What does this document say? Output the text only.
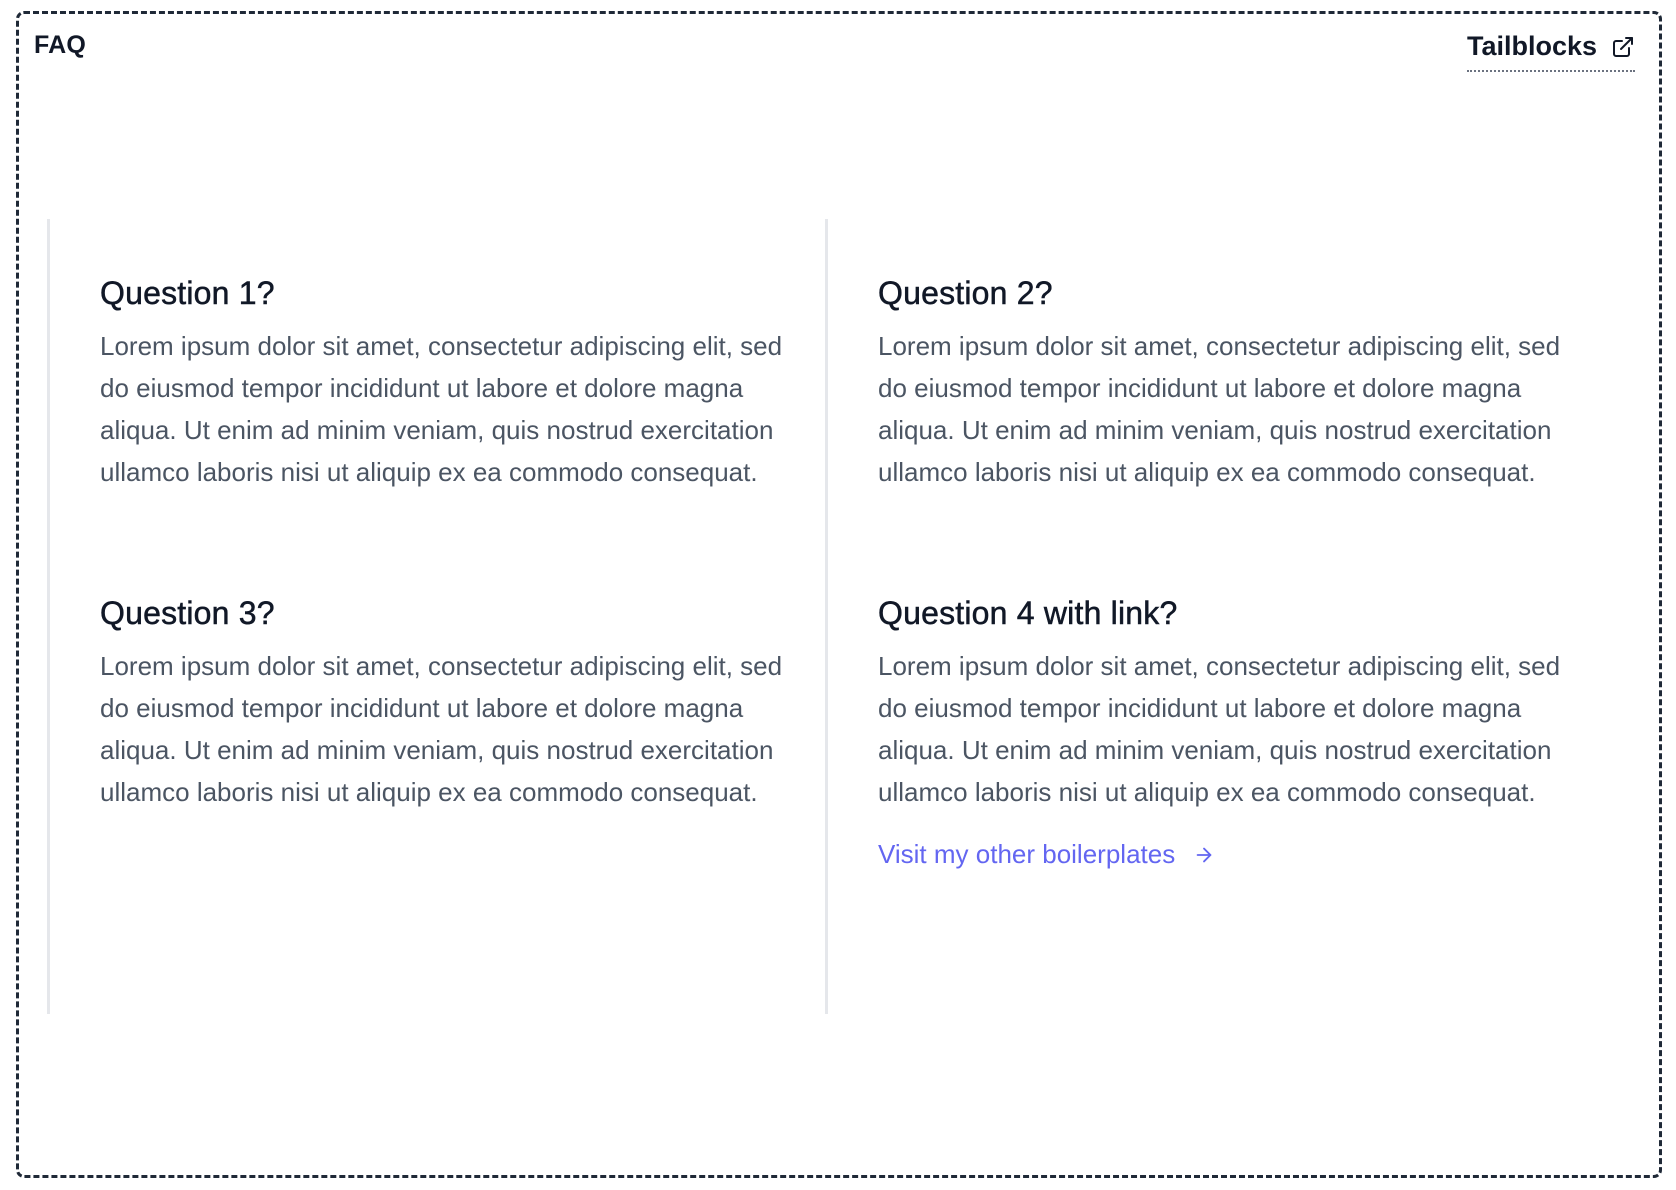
FAQ	Tailblocks
Question 1?

Lorem ipsum dolor sit amet, consectetur adipiscing elit, sed do eiusmod tempor incididunt ut labore et dolore magna aliqua. Ut enim ad minim veniam, quis nostrud exercitation ullamco laboris nisi ut aliquip ex ea commodo consequat.

Question 3?

Lorem ipsum dolor sit amet, consectetur adipiscing elit, sed do eiusmod tempor incididunt ut labore et dolore magna aliqua. Ut enim ad minim veniam, quis nostrud exercitation ullamco laboris nisi ut aliquip ex ea commodo consequat.

Question 2?

Lorem ipsum dolor sit amet, consectetur adipiscing elit, sed do eiusmod tempor incididunt ut labore et dolore magna aliqua. Ut enim ad minim veniam, quis nostrud exercitation ullamco laboris nisi ut aliquip ex ea commodo consequat.

Question 4 with link?

Lorem ipsum dolor sit amet, consectetur adipiscing elit, sed do eiusmod tempor incididunt ut labore et dolore magna aliqua. Ut enim ad minim veniam, quis nostrud exercitation ullamco laboris nisi ut aliquip ex ea commodo consequat.

Visit my other boilerplates
